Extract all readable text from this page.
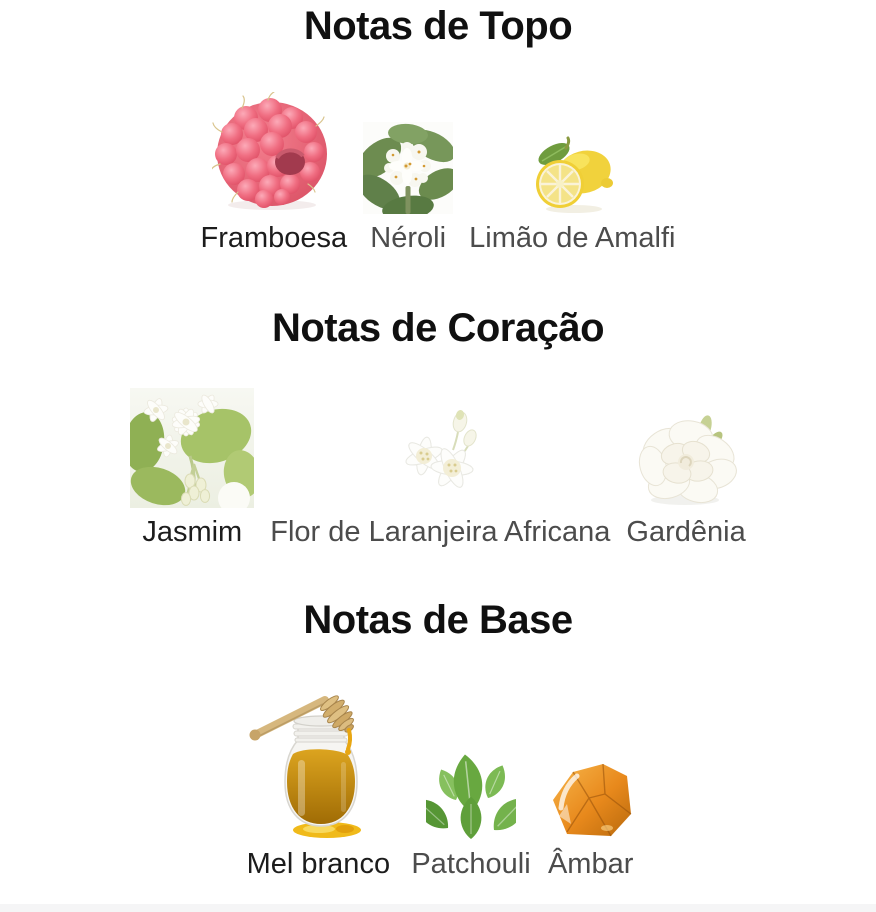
Notas de Topo
Framboesa Néroli Limão de Amalfi
Notas de Coração
Jasmim Flor de Laranjeira Africana Gardênia
Notas de Base
Mel branco Patchouli Âmbar
